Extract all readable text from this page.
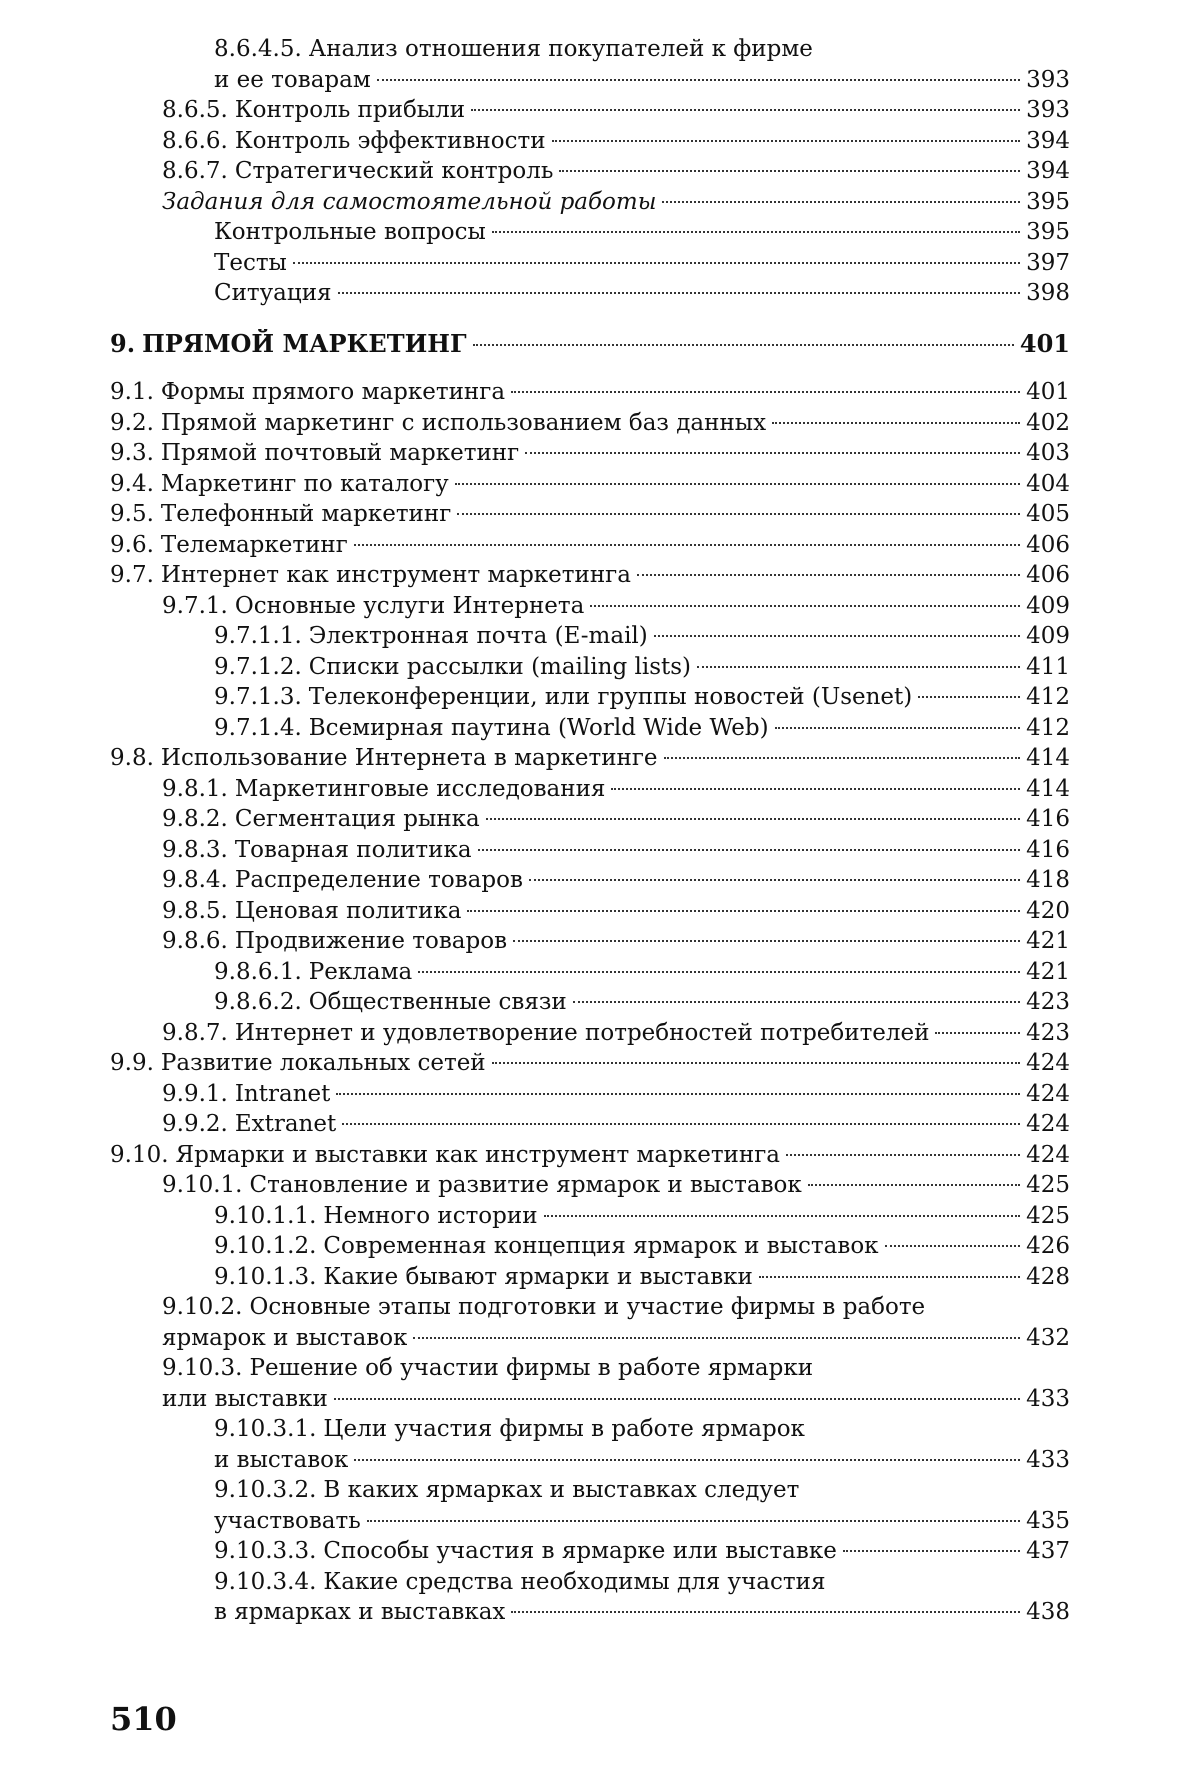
8.6.4.5. Анализ отношения покупателей к фирме
и ее товарам	393
8.6.5. Контроль прибыли	393
8.6.6. Контроль эффективности	394
8.6.7. Стратегический контроль	394
Задания для самостоятельной работы	395
Контрольные вопросы	395
Тесты	397
Ситуация	398
9. ПРЯМОЙ МАРКЕТИНГ	401
9.1. Формы прямого маркетинга	401
9.2. Прямой маркетинг с использованием баз данных	402
9.3. Прямой почтовый маркетинг	403
9.4. Маркетинг по каталогу	404
9.5. Телефонный маркетинг	405
9.6. Телемаркетинг	406
9.7. Интернет как инструмент маркетинга	406
9.7.1. Основные услуги Интернета	409
9.7.1.1. Электронная почта (E-mail)	409
9.7.1.2. Списки рассылки (mailing lists)	411
9.7.1.3. Телеконференции, или группы новостей (Usenet)	412
9.7.1.4. Всемирная паутина (World Wide Web)	412
9.8. Использование Интернета в маркетинге	414
9.8.1. Маркетинговые исследования	414
9.8.2. Сегментация рынка	416
9.8.3. Товарная политика	416
9.8.4. Распределение товаров	418
9.8.5. Ценовая политика	420
9.8.6. Продвижение товаров	421
9.8.6.1. Реклама	421
9.8.6.2. Общественные связи	423
9.8.7. Интернет и удовлетворение потребностей потребителей	423
9.9. Развитие локальных сетей	424
9.9.1. Intranet	424
9.9.2. Extranet	424
9.10. Ярмарки и выставки как инструмент маркетинга	424
9.10.1. Становление и развитие ярмарок и выставок	425
9.10.1.1. Немного истории	425
9.10.1.2. Современная концепция ярмарок и выставок	426
9.10.1.3. Какие бывают ярмарки и выставки	428
9.10.2. Основные этапы подготовки и участие фирмы в работе
ярмарок и выставок	432
9.10.3. Решение об участии фирмы в работе ярмарки
или выставки	433
9.10.3.1. Цели участия фирмы в работе ярмарок
и выставок	433
9.10.3.2. В каких ярмарках и выставках следует
участвовать	435
9.10.3.3. Способы участия в ярмарке или выставке	437
9.10.3.4. Какие средства необходимы для участия
в ярмарках и выставках	438
510
